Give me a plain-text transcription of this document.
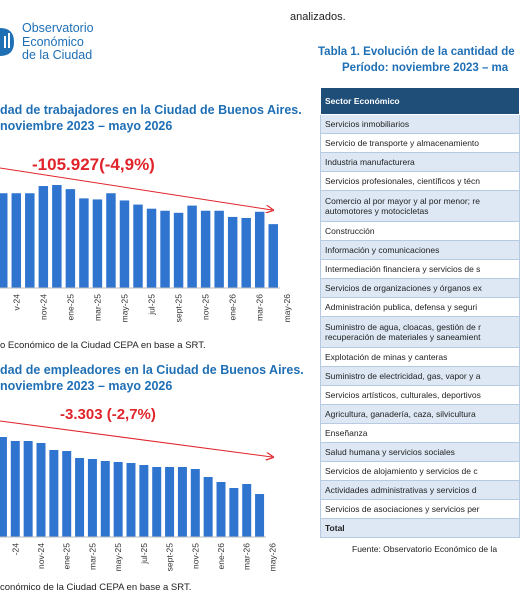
Observatorio
Económico
de la Ciudad
dad de trabajadores en la Ciudad de Buenos Aires.
noviembre 2023 – mayo 2026
-105.927(-4,9%)
v-24 nov-24 ene-25 mar-25 may-25 jul-25 sept-25 nov-25 ene-26 mar-26 may-26
o Económico de la Ciudad CEPA en base a SRT.
dad de empleadores en la Ciudad de Buenos Aires.
noviembre 2023 – mayo 2026
-3.303 (-2,7%)
-24 nov-24 ene-25 mar-25 may-25 jul-25 sept-25 nov-25 ene-26 mar-26 may-26
conómico de la Ciudad CEPA en base a SRT.
analizados.
Tabla 1. Evolución de la cantidad de
Período: noviembre 2023 – ma
Sector Económico

Servicios inmobiliarios

Servicio de transporte y almacenamiento

Industria manufacturera

Servicios profesionales, científicos y técn

Comercio al por mayor y al por menor; re
automotores y motocicletas

Construcción

Información y comunicaciones

Intermediación financiera y servicios de s

Servicios de organizaciones y órganos ex

Administración publica, defensa y seguri

Suministro de agua, cloacas, gestión de r
recuperación de materiales y saneamient

Explotación de minas y canteras

Suministro de electricidad, gas, vapor y a

Servicios artísticos, culturales, deportivos

Agricultura, ganadería, caza, silvicultura

Enseñanza

Salud humana y servicios sociales

Servicios de alojamiento y servicios de c

Actividades administrativas y servicios d

Servicios de asociaciones y servicios per

Total
Fuente: Observatorio Económico de la
